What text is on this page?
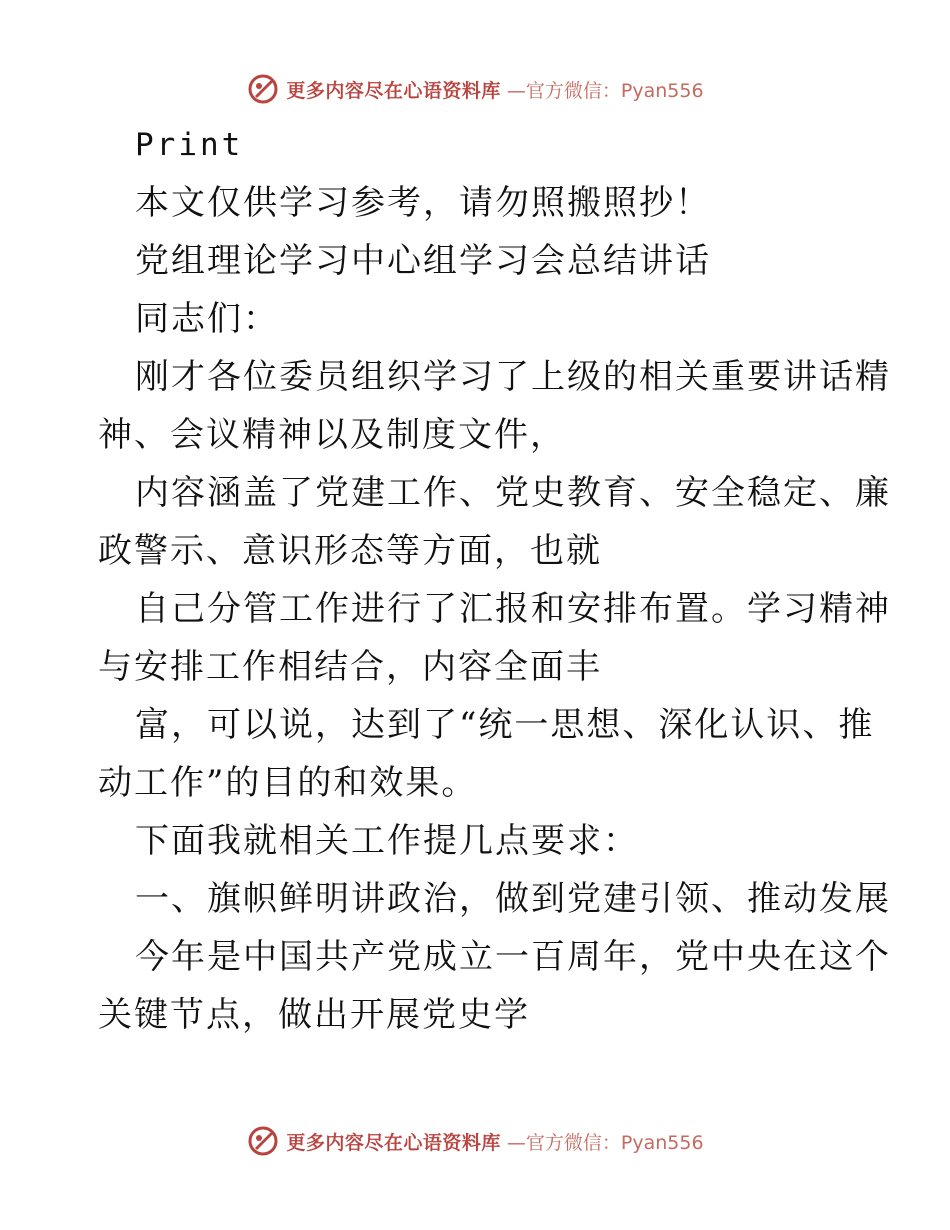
更多内容尽在心语资料库 —官方微信：Pyan556

Print

本文仅供学习参考，请勿照搬照抄！

党组理论学习中心组学习会总结讲话

同志们：

刚才各位委员组织学习了上级的相关重要讲话精
神、会议精神以及制度文件，

内容涵盖了党建工作、党史教育、安全稳定、廉
政警示、意识形态等方面，也就

自己分管工作进行了汇报和安排布置。学习精神
与安排工作相结合，内容全面丰

富，可以说，达到了“统一思想、深化认识、推
动工作”的目的和效果。

下面我就相关工作提几点要求：

一、旗帜鲜明讲政治，做到党建引领、推动发展

今年是中国共产党成立一百周年，党中央在这个
关键节点，做出开展党史学

更多内容尽在心语资料库 —官方微信：Pyan556
